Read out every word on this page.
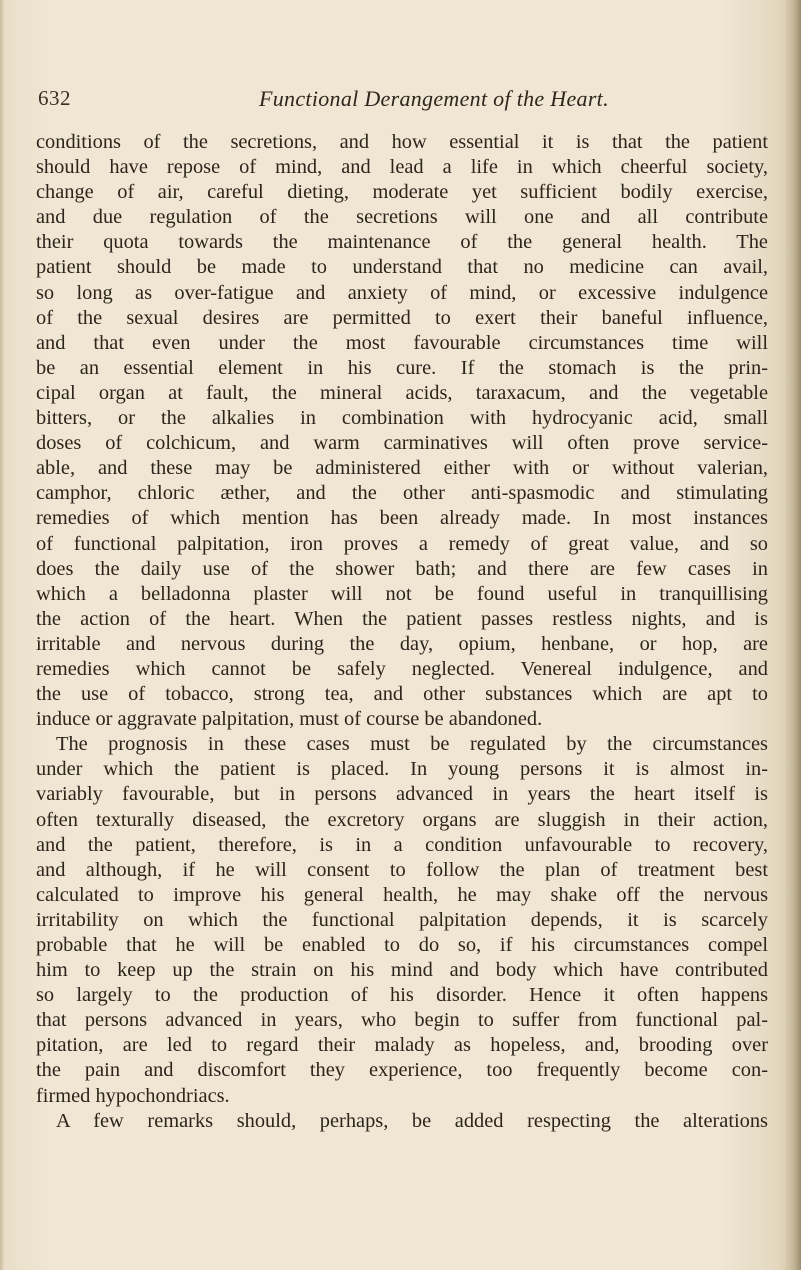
632	Functional Derangement of the Heart.
conditions of the secretions, and how essential it is that the patient
should have repose of mind, and lead a life in which cheerful society,
change of air, careful dieting, moderate yet sufficient bodily exercise,
and due regulation of the secretions will one and all contribute
their quota towards the maintenance of the general health. The
patient should be made to understand that no medicine can avail,
so long as over-fatigue and anxiety of mind, or excessive indulgence
of the sexual desires are permitted to exert their baneful influence,
and that even under the most favourable circumstances time will
be an essential element in his cure. If the stomach is the prin-
cipal organ at fault, the mineral acids, taraxacum, and the vegetable
bitters, or the alkalies in combination with hydrocyanic acid, small
doses of colchicum, and warm carminatives will often prove service-
able, and these may be administered either with or without valerian,
camphor, chloric æther, and the other anti-spasmodic and stimulating
remedies of which mention has been already made. In most instances
of functional palpitation, iron proves a remedy of great value, and so
does the daily use of the shower bath; and there are few cases in
which a belladonna plaster will not be found useful in tranquillising
the action of the heart. When the patient passes restless nights, and is
irritable and nervous during the day, opium, henbane, or hop, are
remedies which cannot be safely neglected. Venereal indulgence, and
the use of tobacco, strong tea, and other substances which are apt to
induce or aggravate palpitation, must of course be abandoned.
The prognosis in these cases must be regulated by the circumstances
under which the patient is placed. In young persons it is almost in-
variably favourable, but in persons advanced in years the heart itself is
often texturally diseased, the excretory organs are sluggish in their action,
and the patient, therefore, is in a condition unfavourable to recovery,
and although, if he will consent to follow the plan of treatment best
calculated to improve his general health, he may shake off the nervous
irritability on which the functional palpitation depends, it is scarcely
probable that he will be enabled to do so, if his circumstances compel
him to keep up the strain on his mind and body which have contributed
so largely to the production of his disorder. Hence it often happens
that persons advanced in years, who begin to suffer from functional pal-
pitation, are led to regard their malady as hopeless, and, brooding over
the pain and discomfort they experience, too frequently become con-
firmed hypochondriacs.
A few remarks should, perhaps, be added respecting the alterations
